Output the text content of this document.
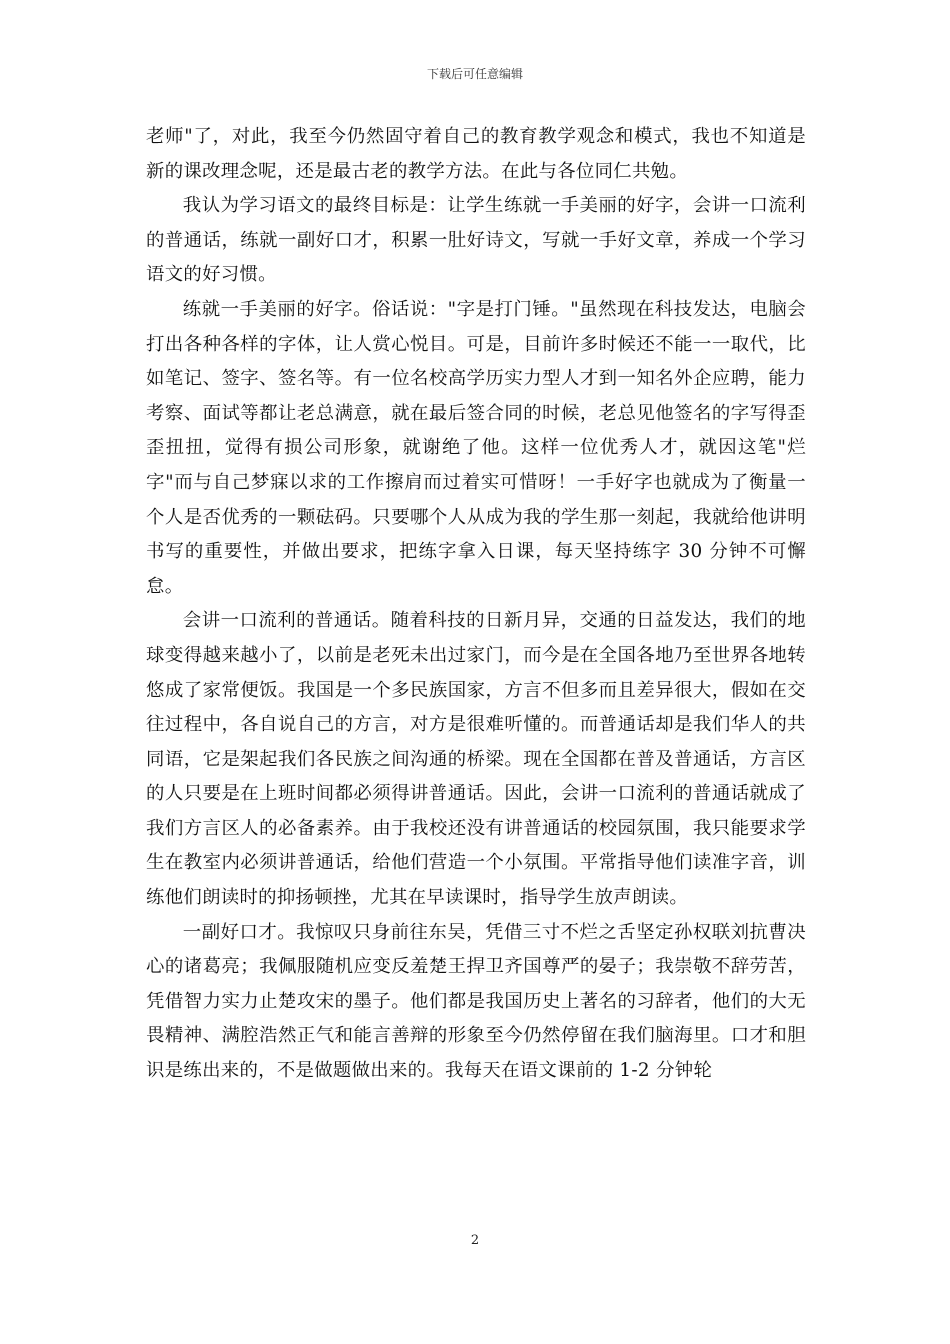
下载后可任意编辑

老师"了，对此，我至今仍然固守着自己的教育教学观念和模式，我也不知道是新的课改理念呢，还是最古老的教学方法。在此与各位同仁共勉。

我认为学习语文的最终目标是：让学生练就一手美丽的好字，会讲一口流利的普通话，练就一副好口才，积累一肚好诗文，写就一手好文章，养成一个学习语文的好习惯。

练就一手美丽的好字。俗话说："字是打门锤。"虽然现在科技发达，电脑会打出各种各样的字体，让人赏心悦目。可是，目前许多时候还不能一一取代，比如笔记、签字、签名等。有一位名校高学历实力型人才到一知名外企应聘，能力考察、面试等都让老总满意，就在最后签合同的时候，老总见他签名的字写得歪歪扭扭，觉得有损公司形象，就谢绝了他。这样一位优秀人才，就因这笔"烂字"而与自己梦寐以求的工作擦肩而过着实可惜呀！一手好字也就成为了衡量一个人是否优秀的一颗砝码。只要哪个人从成为我的学生那一刻起，我就给他讲明书写的重要性，并做出要求，把练字拿入日课，每天坚持练字 30 分钟不可懈怠。

会讲一口流利的普通话。随着科技的日新月异，交通的日益发达，我们的地球变得越来越小了，以前是老死未出过家门，而今是在全国各地乃至世界各地转悠成了家常便饭。我国是一个多民族国家，方言不但多而且差异很大，假如在交往过程中，各自说自己的方言，对方是很难听懂的。而普通话却是我们华人的共同语，它是架起我们各民族之间沟通的桥梁。现在全国都在普及普通话，方言区的人只要是在上班时间都必须得讲普通话。因此，会讲一口流利的普通话就成了我们方言区人的必备素养。由于我校还没有讲普通话的校园氛围，我只能要求学生在教室内必须讲普通话，给他们营造一个小氛围。平常指导他们读准字音，训练他们朗读时的抑扬顿挫，尤其在早读课时，指导学生放声朗读。

一副好口才。我惊叹只身前往东吴，凭借三寸不烂之舌坚定孙权联刘抗曹决心的诸葛亮；我佩服随机应变反羞楚王捍卫齐国尊严的晏子；我崇敬不辞劳苦，凭借智力实力止楚攻宋的墨子。他们都是我国历史上著名的习辞者，他们的大无畏精神、满腔浩然正气和能言善辩的形象至今仍然停留在我们脑海里。口才和胆识是练出来的，不是做题做出来的。我每天在语文课前的 1-2 分钟轮

2
